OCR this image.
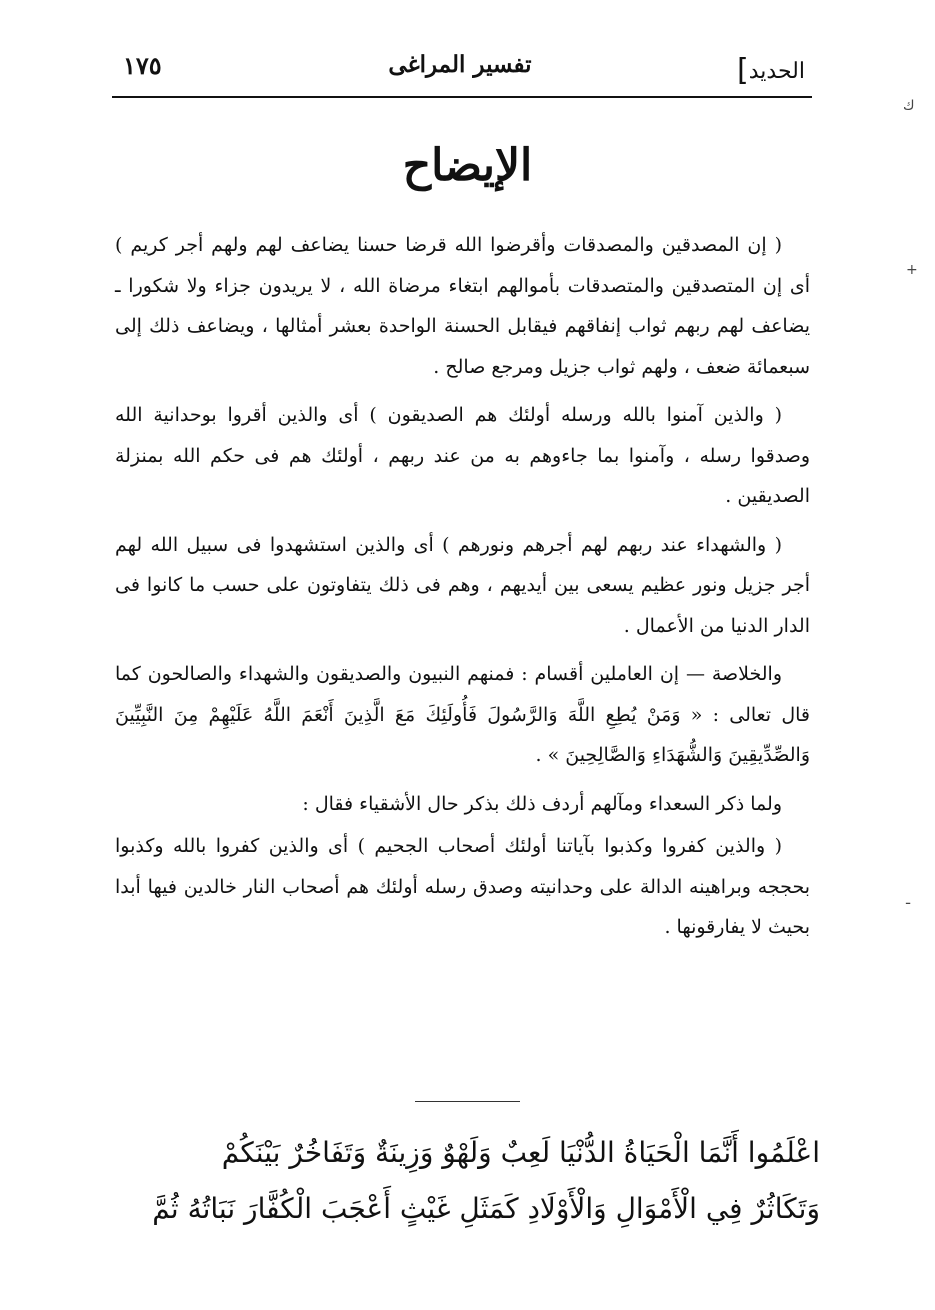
الحديد]
تفسير المراغى
١٧٥
الإيضاح

( إن المصدقين والمصدقات وأقرضوا الله قرضا حسنا يضاعف لهم ولهم أجر كريم ) أى إن المتصدقين والمتصدقات بأموالهم ابتغاء مرضاة الله ، لا يريدون جزاء ولا شكورا ـ يضاعف لهم ربهم ثواب إنفاقهم فيقابل الحسنة الواحدة بعشر أمثالها ، ويضاعف ذلك إلى سبعمائة ضعف ، ولهم ثواب جزيل ومرجع صالح .

( والذين آمنوا بالله ورسله أولئك هم الصديقون ) أى والذين أقروا بوحدانية الله وصدقوا رسله ، وآمنوا بما جاءوهم به من عند ربهم ، أولئك هم فى حكم الله بمنزلة الصديقين .

( والشهداء عند ربهم لهم أجرهم ونورهم ) أى والذين استشهدوا فى سبيل الله لهم أجر جزيل ونور عظيم يسعى بين أيديهم ، وهم فى ذلك يتفاوتون على حسب ما كانوا فى الدار الدنيا من الأعمال .

والخلاصة — إن العاملين أقسام : فمنهم النبيون والصديقون والشهداء والصالحون كما قال تعالى : « وَمَنْ يُطِعِ اللَّهَ وَالرَّسُولَ فَأُولَئِكَ مَعَ الَّذِينَ أَنْعَمَ اللَّهُ عَلَيْهِمْ مِنَ النَّبِيِّينَ وَالصِّدِّيقِينَ وَالشُّهَدَاءِ وَالصَّالِحِينَ » .

ولما ذكر السعداء ومآلهم أردف ذلك بذكر حال الأشقياء فقال :

( والذين كفروا وكذبوا بآياتنا أولئك أصحاب الجحيم ) أى والذين كفروا بالله وكذبوا بحججه وبراهينه الدالة على وحدانيته وصدق رسله أولئك هم أصحاب النار خالدين فيها أبدا بحيث لا يفارقونها .

اعْلَمُوا أَنَّمَا الْحَيَاةُ الدُّنْيَا لَعِبٌ وَلَهْوٌ وَزِينَةٌ وَتَفَاخُرٌ بَيْنَكُمْ

وَتَكَاثُرٌ فِي الْأَمْوَالِ وَالْأَوْلَادِ كَمَثَلِ غَيْثٍ أَعْجَبَ الْكُفَّارَ نَبَاتُهُ ثُمَّ

ك
+
ـ
